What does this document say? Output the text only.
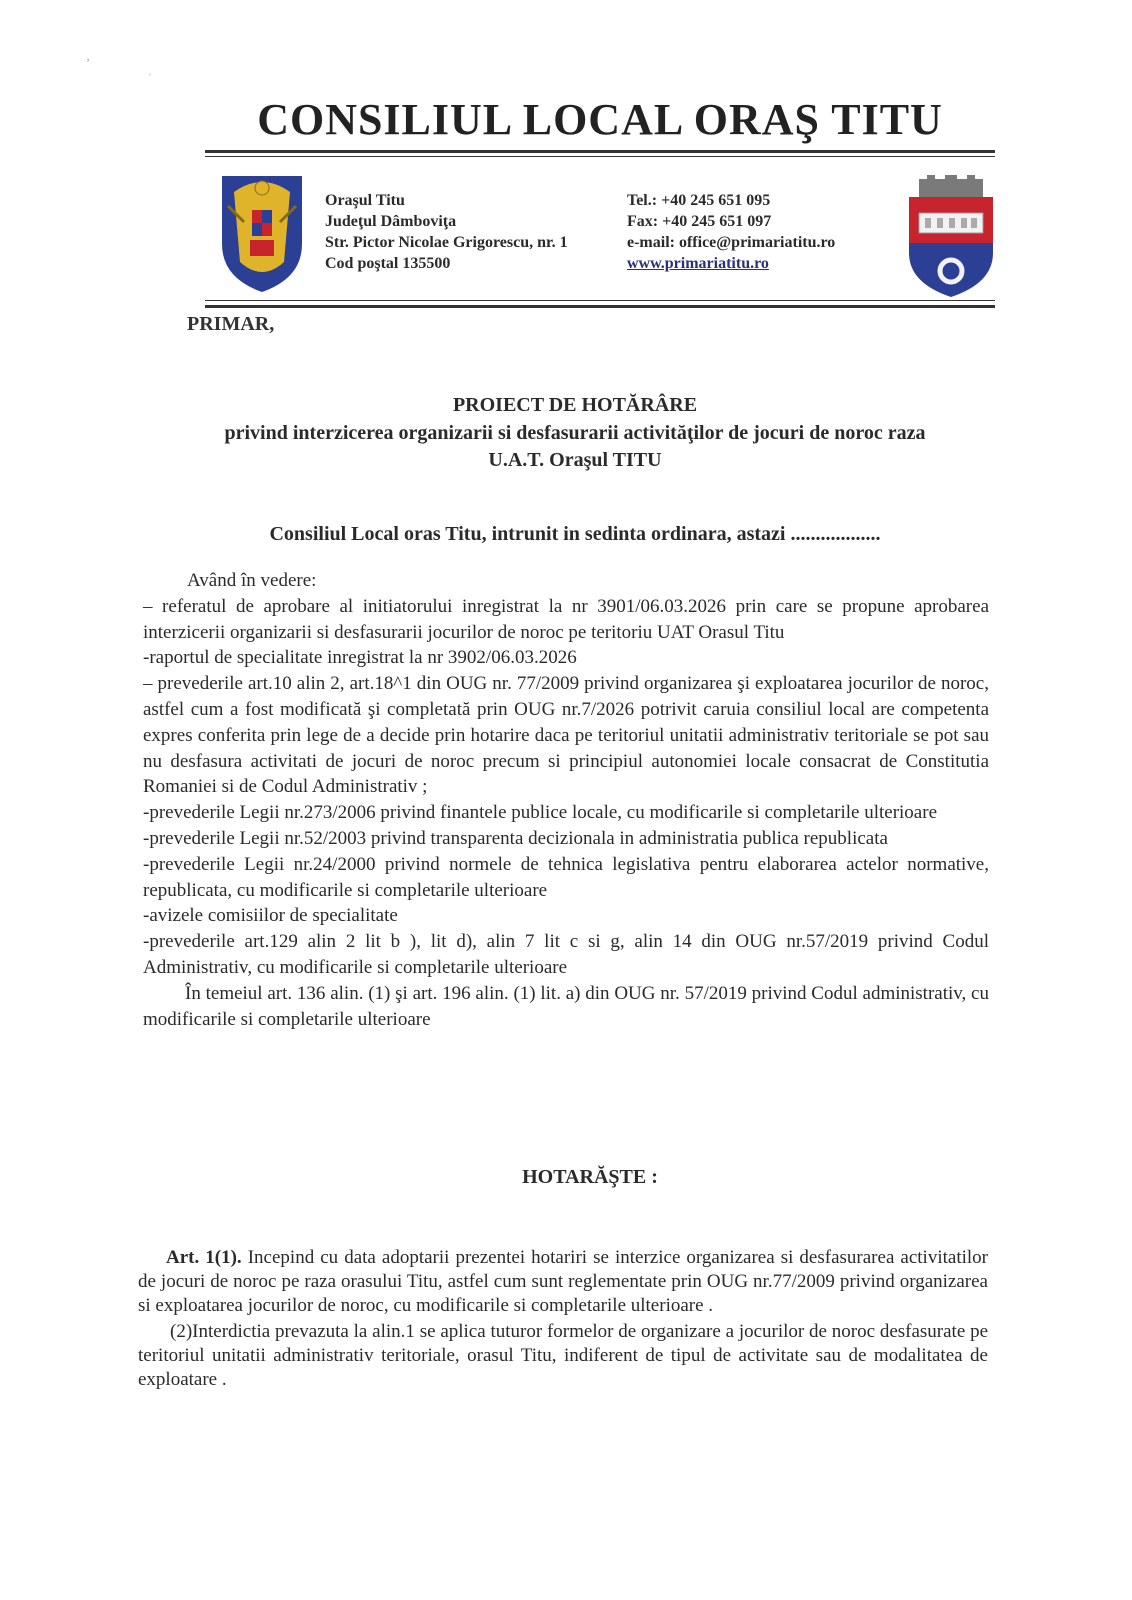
ʼ	ˌ
CONSILIUL LOCAL ORAŞ TITU
Oraşul Titu
Judeţul Dâmboviţa
Str. Pictor Nicolae Grigorescu, nr. 1
Cod poştal 135500
Tel.: +40 245 651 095
Fax: +40 245 651 097
e-mail: office@primariatitu.ro
www.primariatitu.ro
PRIMAR,
PROIECT DE HOTĂRÂRE
privind interzicerea organizarii si desfasurarii activităţilor de jocuri de noroc raza
U.A.T. Oraşul TITU
Consiliul Local oras Titu, intrunit in sedinta ordinara, astazi ..................

Având în vedere:

– referatul de aprobare al initiatorului inregistrat la nr 3901/06.03.2026 prin care se propune aprobarea interzicerii organizarii si desfasurarii jocurilor de noroc pe teritoriu UAT Orasul Titu

-raportul de specialitate inregistrat la nr 3902/06.03.2026

– prevederile art.10 alin 2, art.18^1 din OUG nr. 77/2009 privind organizarea şi exploatarea jocurilor de noroc, astfel cum a fost modificată şi completată prin OUG nr.7/2026 potrivit caruia consiliul local are competenta expres conferita prin lege de a decide prin hotarire daca pe teritoriul unitatii administrativ teritoriale se pot sau nu desfasura activitati de jocuri de noroc precum si principiul autonomiei locale consacrat de Constitutia Romaniei si de Codul Administrativ ;

-prevederile Legii nr.273/2006 privind finantele publice locale, cu modificarile si completarile ulterioare

-prevederile Legii nr.52/2003 privind transparenta decizionala in administratia publica republicata

-prevederile Legii nr.24/2000 privind normele de tehnica legislativa pentru elaborarea actelor normative, republicata, cu modificarile si completarile ulterioare

-avizele comisiilor de specialitate

-prevederile art.129 alin 2 lit b ), lit d), alin 7 lit c si g, alin 14 din OUG nr.57/2019 privind Codul Administrativ, cu modificarile si completarile ulterioare

În temeiul art. 136 alin. (1) şi art. 196 alin. (1) lit. a) din OUG nr. 57/2019 privind Codul administrativ, cu modificarile si completarile ulterioare

HOTARĂŞTE :

Art. 1(1). Incepind cu data adoptarii prezentei hotariri se interzice organizarea si desfasurarea activitatilor de jocuri de noroc pe raza orasului Titu, astfel cum sunt reglementate prin OUG nr.77/2009 privind organizarea si exploatarea jocurilor de noroc, cu modificarile si completarile ulterioare .

(2)Interdictia prevazuta la alin.1 se aplica tuturor formelor de organizare a jocurilor de noroc desfasurate pe teritoriul unitatii administrativ teritoriale, orasul Titu, indiferent de tipul de activitate sau de modalitatea de exploatare .
